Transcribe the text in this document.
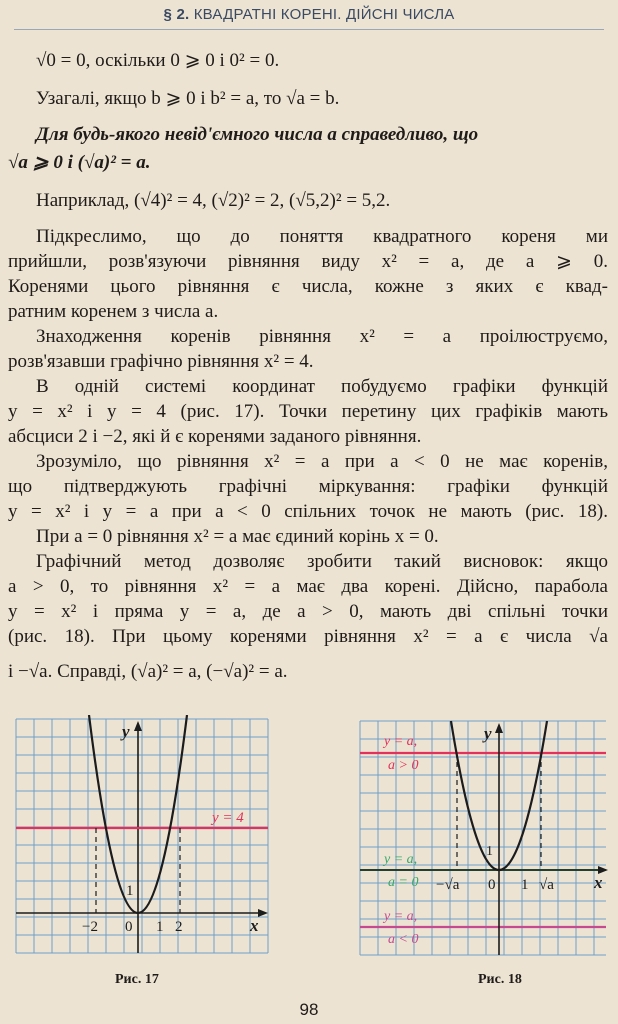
§ 2. КВАДРАТНІ КОРЕНІ. ДІЙСНІ ЧИСЛА
√0 = 0, оскільки 0 ⩾ 0 і 0² = 0.
Узагалі, якщо b ⩾ 0 і b² = a, то √a = b.
Для будь-якого невід'ємного числа a справедливо, що
√a ⩾ 0 і (√a)² = a.
Наприклад, (√4)² = 4, (√2)² = 2, (√5,2)² = 5,2.
Підкреслимо, що до поняття квадратного кореня ми
прийшли, розв'язуючи рівняння виду x² = a, де a ⩾ 0.
Коренями цього рівняння є числа, кожне з яких є квад-
ратним коренем з числа a.
Знаходження коренів рівняння x² = a проілюструємо,
розв'язавши графічно рівняння x² = 4.
В одній системі координат побудуємо графіки функцій
y = x² і y = 4 (рис. 17). Точки перетину цих графіків мають
абсциси 2 і −2, які й є коренями заданого рівняння.
Зрозуміло, що рівняння x² = a при a < 0 не має коренів,
що підтверджують графічні міркування: графіки функцій
y = x² і y = a при a < 0 спільних точок не мають (рис. 18).
При a = 0 рівняння x² = a має єдиний корінь x = 0.
Графічний метод дозволяє зробити такий висновок: якщо
a > 0, то рівняння x² = a має два корені. Дійсно, парабола
y = x² і пряма y = a, де a > 0, мають дві спільні точки
(рис. 18). При цьому коренями рівняння x² = a є числа √a
і −√a. Справді, (√a)² = a, (−√a)² = a.
y = 4
y
x
1
−2 0 1 2
Рис. 17
y = a,
a > 0
y = a,
a = 0
y = a,
a < 0
y
x
1
−√a 0 1 √a
Рис. 18
98
